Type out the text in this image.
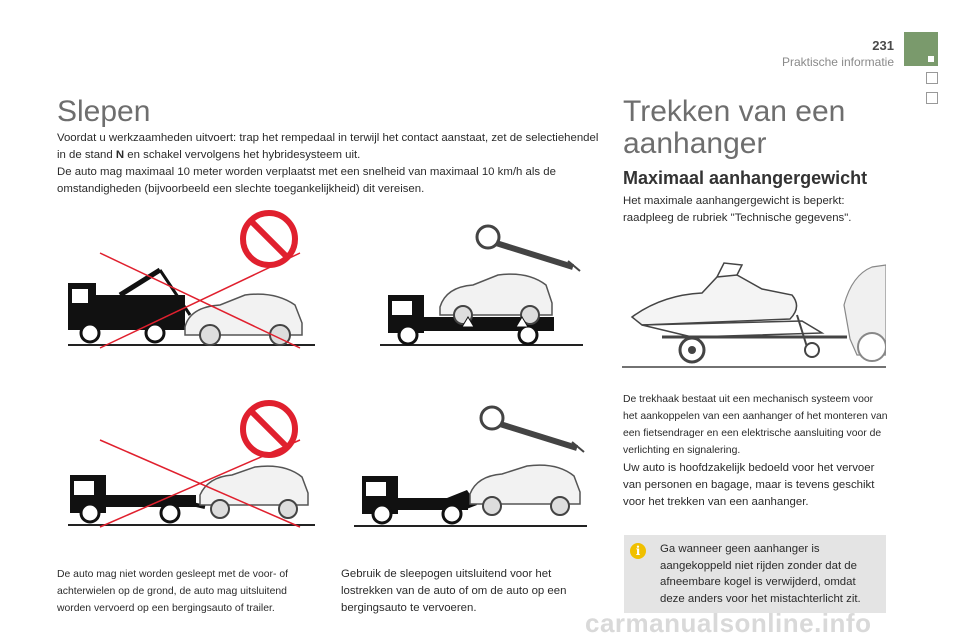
231
Praktische informatie
Slepen

Voordat u werkzaamheden uitvoert: trap het rempedaal in terwijl het contact aanstaat, zet de selectiehendel in de stand N en schakel vervolgens het hybridesysteem uit.
De auto mag maximaal 10 meter worden verplaatst met een snelheid van maximaal 10 km/h als de omstandigheden (bijvoorbeeld een slechte toegankelijkheid) dit vereisen.

De auto mag niet worden gesleept met de voor- of achterwielen op de grond, de auto mag uitsluitend worden vervoerd op een bergingsauto of trailer.

Gebruik de sleepogen uitsluitend voor het lostrekken van de auto of om de auto op een bergingsauto te vervoeren.

Trekken van een
aanhanger
Maximaal aanhangergewicht

Het maximale aanhangergewicht is beperkt: raadpleeg de rubriek "Technische gegevens".

De trekhaak bestaat uit een mechanisch systeem voor het aankoppelen van een aanhanger of het monteren van een fietsendrager en een elektrische aansluiting voor de verlichting en signalering.

Uw auto is hoofdzakelijk bedoeld voor het vervoer van personen en bagage, maar is tevens geschikt voor het trekken van een aanhanger.

i

Ga wanneer geen aanhanger is aangekoppeld niet rijden zonder dat de afneembare kogel is verwijderd, omdat deze anders voor het mistachterlicht zit.

carmanualsonline.info
